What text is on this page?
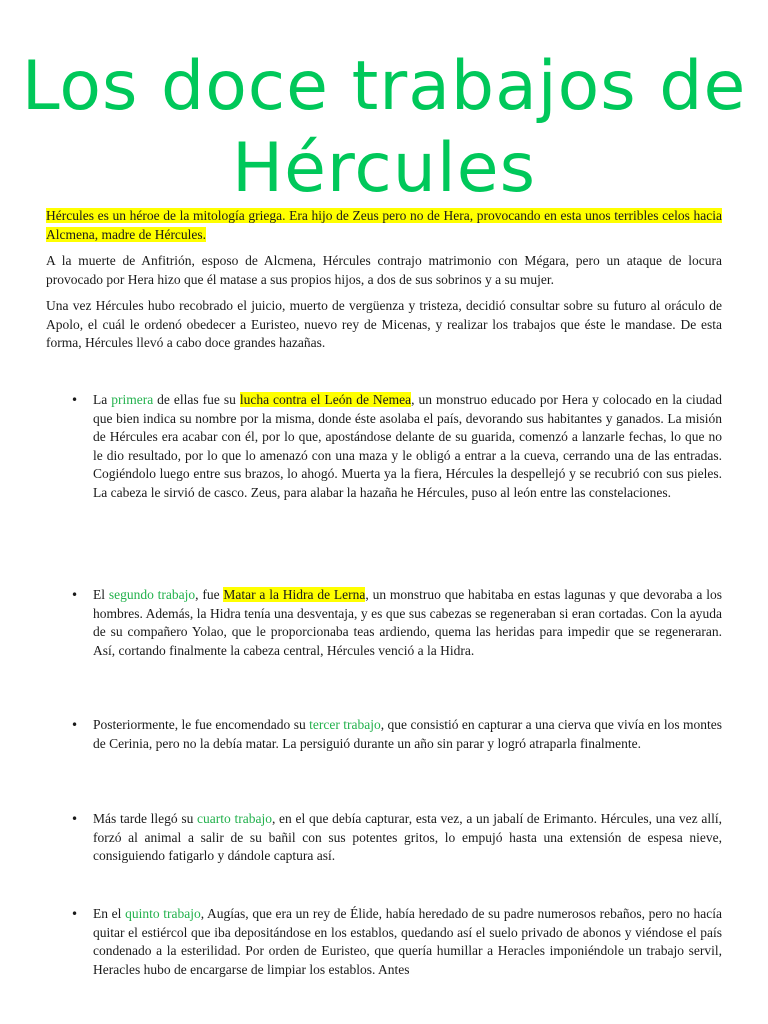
Los doce trabajos de Hércules
Hércules es un héroe de la mitología griega. Era hijo de Zeus pero no de Hera, provocando en esta unos terribles celos hacia Alcmena, madre de Hércules.
A la muerte de Anfitrión, esposo de Alcmena, Hércules contrajo matrimonio con Mégara, pero un ataque de locura provocado por Hera hizo que él matase a sus propios hijos, a dos de sus sobrinos y a su mujer.
Una vez Hércules hubo recobrado el juicio, muerto de vergüenza y tristeza, decidió consultar sobre su futuro al oráculo de Apolo, el cuál le ordenó obedecer a Euristeo, nuevo rey de Micenas, y realizar los trabajos que éste le mandase. De esta forma, Hércules llevó a cabo doce grandes hazañas.
• La primera de ellas fue su lucha contra el León de Nemea, un monstruo educado por Hera y colocado en la ciudad que bien indica su nombre por la misma, donde éste asolaba el país, devorando sus habitantes y ganados. La misión de Hércules era acabar con él, por lo que, apostándose delante de su guarida, comenzó a lanzarle fechas, lo que no le dio resultado, por lo que lo amenazó con una maza y le obligó a entrar a la cueva, cerrando una de las entradas. Cogiéndolo luego entre sus brazos, lo ahogó. Muerta ya la fiera, Hércules la despellejó y se recubrió con sus pieles. La cabeza le sirvió de casco. Zeus, para alabar la hazaña he Hércules, puso al león entre las constelaciones.
• El segundo trabajo, fue Matar a la Hidra de Lerna, un monstruo que habitaba en estas lagunas y que devoraba a los hombres. Además, la Hidra tenía una desventaja, y es que sus cabezas se regeneraban si eran cortadas. Con la ayuda de su compañero Yolao, que le proporcionaba teas ardiendo, quema las heridas para impedir que se regeneraran. Así, cortando finalmente la cabeza central, Hércules venció a la Hidra.
• Posteriormente, le fue encomendado su tercer trabajo, que consistió en capturar a una cierva que vivía en los montes de Cerinia, pero no la debía matar. La persiguió durante un año sin parar y logró atraparla finalmente.
• Más tarde llegó su cuarto trabajo, en el que debía capturar, esta vez, a un jabalí de Erimanto. Hércules, una vez allí, forzó al animal a salir de su bañil con sus potentes gritos, lo empujó hasta una extensión de espesa nieve, consiguiendo fatigarlo y dándole captura así.
• En el quinto trabajo, Augías, que era un rey de Élide, había heredado de su padre numerosos rebaños, pero no hacía quitar el estiércol que iba depositándose en los establos, quedando así el suelo privado de abonos y viéndose el país condenado a la esterilidad. Por orden de Euristeo, que quería humillar a Heracles imponiéndole un trabajo servil, Heracles hubo de encargarse de limpiar los establos. Antes
